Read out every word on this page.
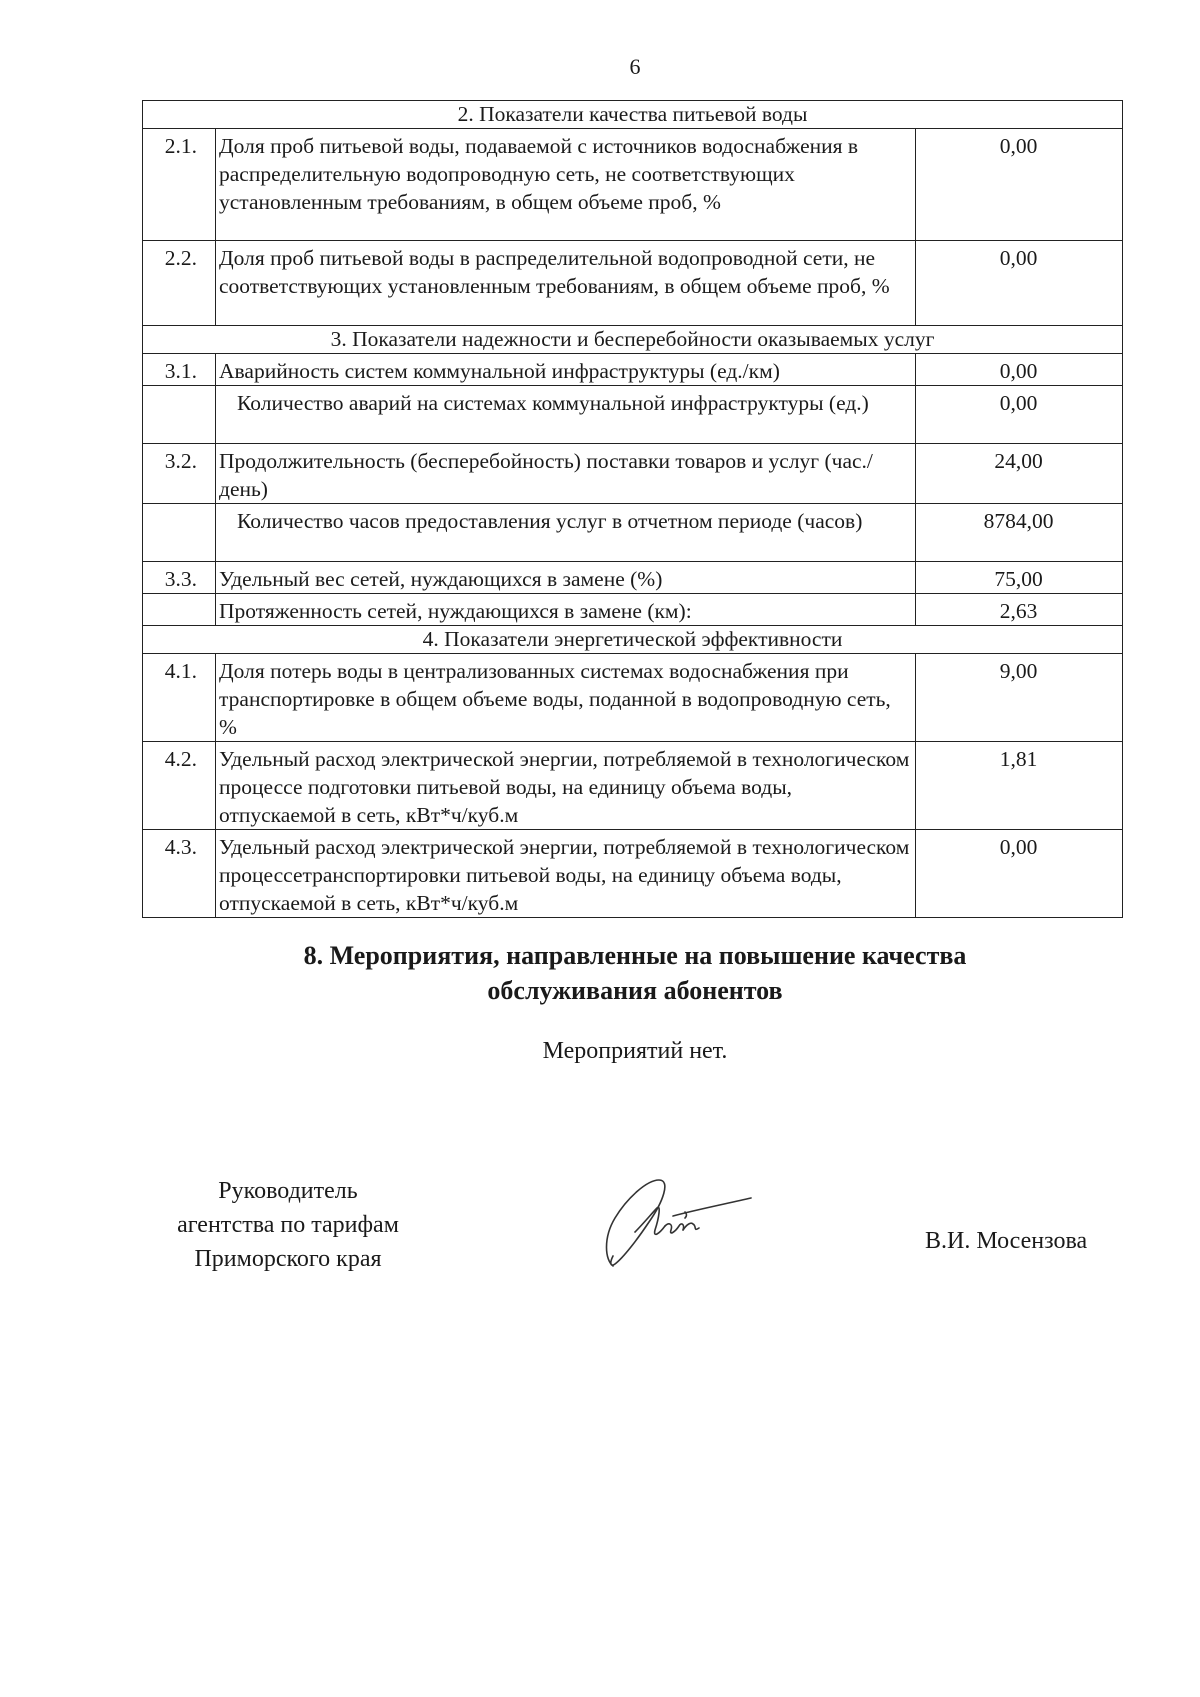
6
2. Показатели качества питьевой воды		
2.1.	Доля проб питьевой воды, подаваемой с источников водоснабжения в распределительную водопроводную сеть, не соответствующих установленным требованиям, в общем объеме проб, %	0,00
2.2.	Доля проб питьевой воды в распределительной водопроводной сети, не соответствующих установленным требованиям, в общем объеме проб, %	0,00
3. Показатели надежности и бесперебойности оказываемых услуг		
3.1.	Аварийность систем коммунальной инфраструктуры (ед./км)	0,00
	Количество аварий на системах коммунальной инфраструктуры (ед.)	0,00
3.2.	Продолжительность (бесперебойность) поставки товаров и услуг (час./день)	24,00
	Количество часов предоставления услуг в отчетном периоде (часов)	8784,00
3.3.	Удельный вес сетей, нуждающихся в замене (%)	75,00
	Протяженность сетей, нуждающихся в замене (км):	2,63
4. Показатели энергетической эффективности		
4.1.	Доля потерь воды в централизованных системах водоснабжения при транспортировке в общем объеме воды, поданной в водопроводную сеть, %	9,00
4.2.	Удельный расход электрической энергии, потребляемой в технологическом процессе подготовки питьевой воды, на единицу объема воды, отпускаемой в сеть, кВт*ч/куб.м	1,81
4.3.	Удельный расход электрической энергии, потребляемой в технологическом процессетранспортировки питьевой воды, на единицу объема воды, отпускаемой в сеть, кВт*ч/куб.м	0,00
8. Мероприятия, направленные на повышение качества
обслуживания абонентов
Мероприятий нет.
Руководитель
агентства по тарифам
Приморского края
В.И. Мосензова
